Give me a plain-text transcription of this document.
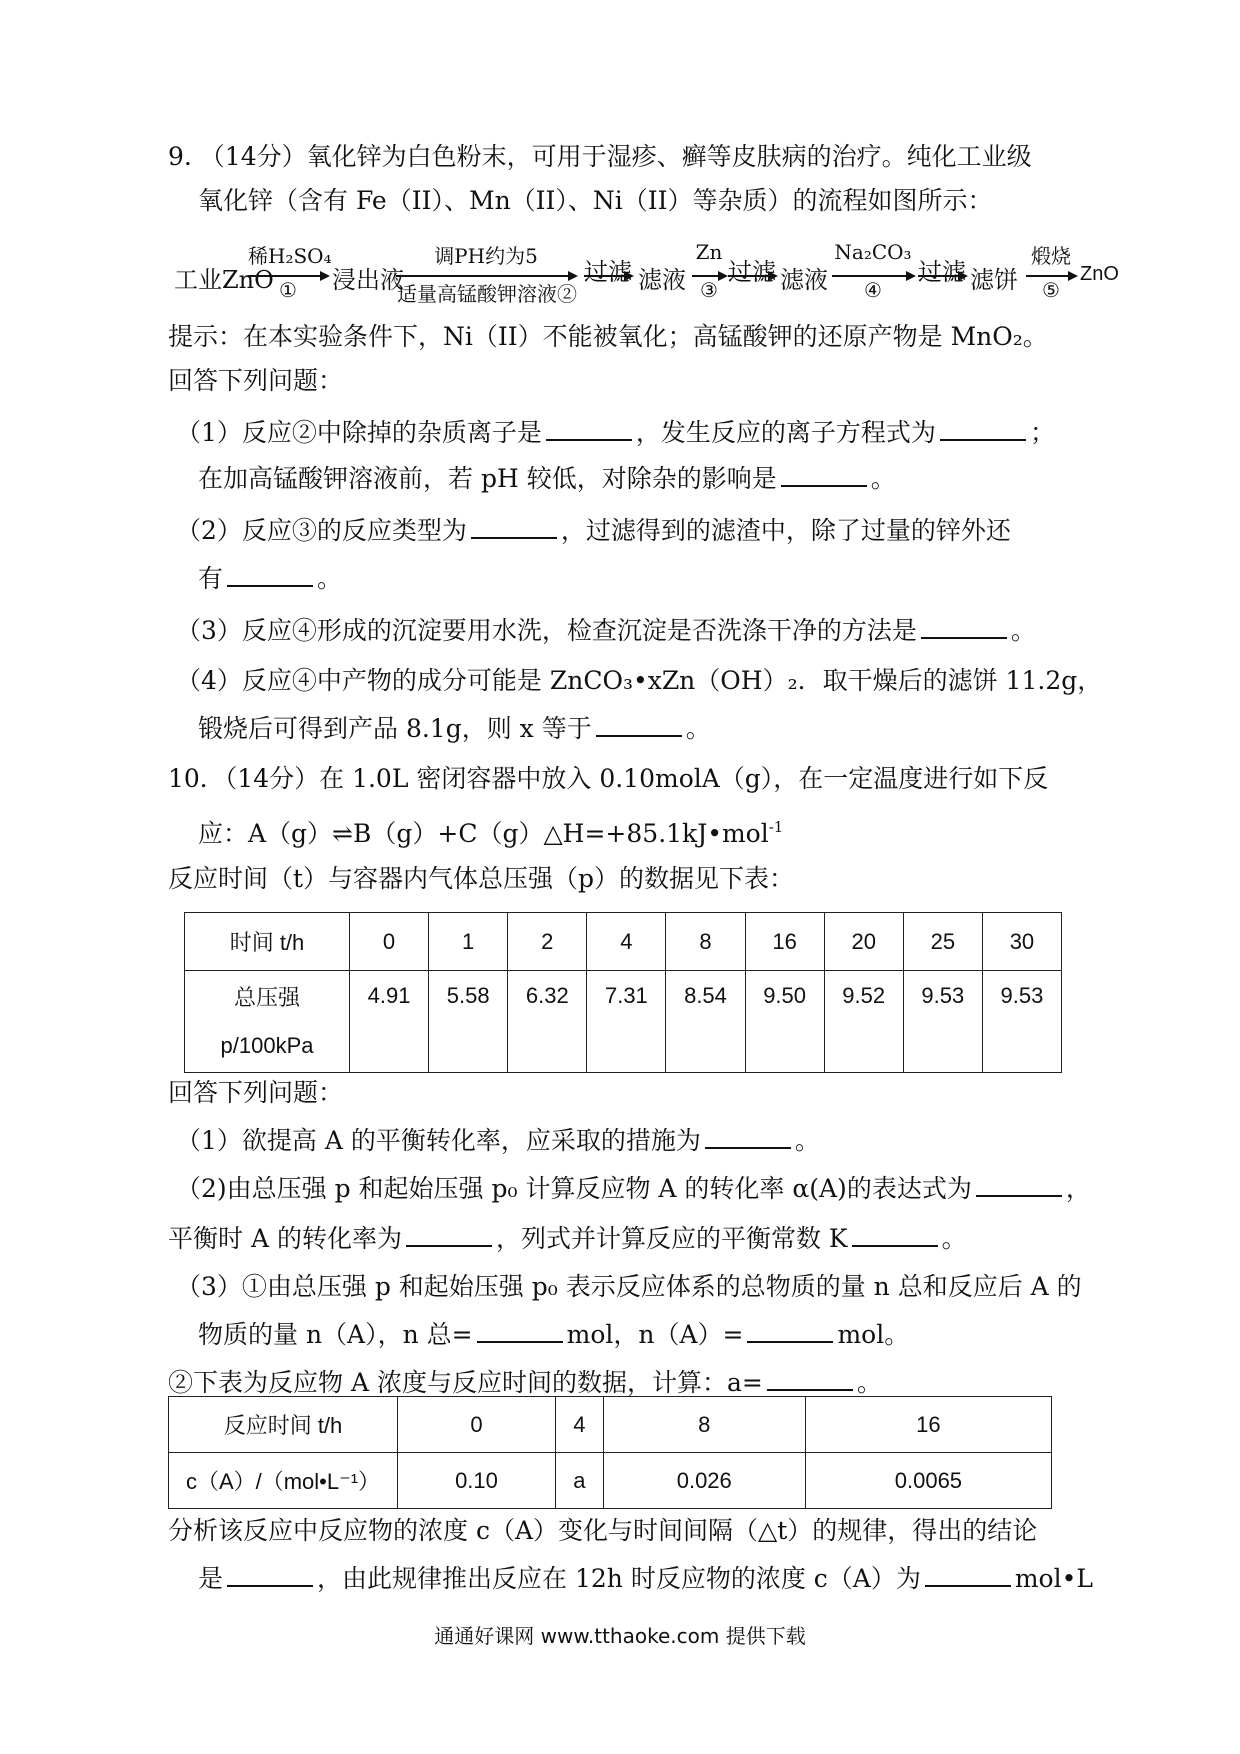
9. （14分）氧化锌为白色粉末，可用于湿疹、癣等皮肤病的治疗。纯化工业级
氧化锌（含有 Fe（II）、Mn（II）、Ni（II）等杂质）的流程如图所示：
工业ZnO
稀H₂SO₄
①	浸出液
调PH约为5
适量高锰酸钾溶液②
过滤 滤液
Zn
③
过滤 滤液
Na₂CO₃
④
过滤 滤饼
煅烧
⑤
ZnO
提示：在本实验条件下，Ni（II）不能被氧化；高锰酸钾的还原产物是 MnO₂。
回答下列问题：
（1）反应②中除掉的杂质离子是	，发生反应的离子方程式为	；
在加高锰酸钾溶液前，若 pH 较低，对除杂的影响是	。
（2）反应③的反应类型为	，过滤得到的滤渣中，除了过量的锌外还
有	。
（3）反应④形成的沉淀要用水洗，检查沉淀是否洗涤干净的方法是	。
（4）反应④中产物的成分可能是 ZnCO₃•xZn（OH）₂．取干燥后的滤饼 11.2g，
锻烧后可得到产品 8.1g，则 x 等于	。
10．（14分）在 1.0L 密闭容器中放入 0.10molA（g），在一定温度进行如下反
应：A（g）⇌B（g）+C（g）△H=+85.1kJ•mol$^{-1}$
反应时间（t）与容器内气体总压强（p）的数据见下表：
时间 t/h	0	1	2	4	8	16	20	25	30

总压强
p/100kPa	4.91	5.58	6.32	7.31	8.54	9.50	9.52	9.53	9.53
回答下列问题：
（1）欲提高 A 的平衡转化率，应采取的措施为	。
（2)由总压强 p 和起始压强 p₀ 计算反应物 A 的转化率 α(A)的表达式为	，
平衡时 A 的转化率为	，列式并计算反应的平衡常数 K	。
（3）①由总压强 p 和起始压强 p₀ 表示反应体系的总物质的量 n 总和反应后 A 的
物质的量 n（A），n 总=	mol，n（A）=	mol。
②下表为反应物 A 浓度与反应时间的数据，计算：a=	。
反应时间 t/h	0	4	8	16
c（A）/（mol•L⁻¹）	0.10	a	0.026	0.0065
分析该反应中反应物的浓度 c（A）变化与时间间隔（△t）的规律，得出的结论
是	，由此规律推出反应在 12h 时反应物的浓度 c（A）为	mol•L
通通好课网 www.tthaoke.com 提供下载
